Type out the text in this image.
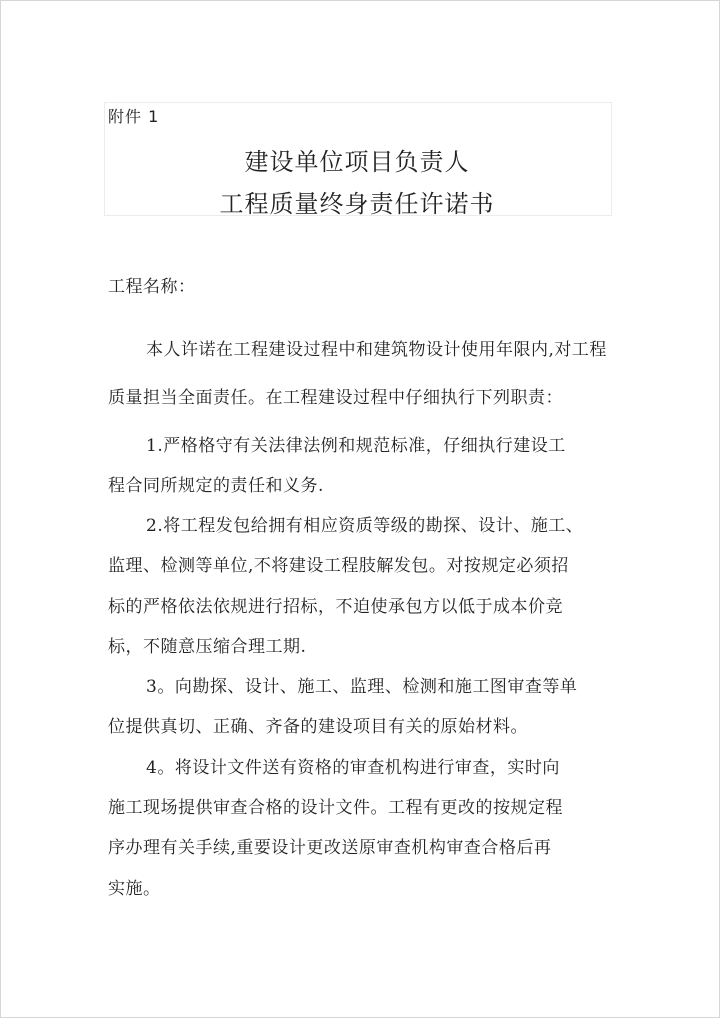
附件 1
建设单位项目负责人
工程质量终身责任许诺书
工程名称：
本人许诺在工程建设过程中和建筑物设计使用年限内,对工程
质量担当全面责任。在工程建设过程中仔细执行下列职责：
1.严格格守有关法律法例和规范标准，仔细执行建设工
程合同所规定的责任和义务.
2.将工程发包给拥有相应资质等级的勘探、设计、施工、
监理、检测等单位,不将建设工程肢解发包。对按规定必须招
标的严格依法依规进行招标，不迫使承包方以低于成本价竞
标，不随意压缩合理工期.
3。向勘探、设计、施工、监理、检测和施工图审查等单
位提供真切、正确、齐备的建设项目有关的原始材料。
4。将设计文件送有资格的审查机构进行审查，实时向
施工现场提供审查合格的设计文件。工程有更改的按规定程
序办理有关手续,重要设计更改送原审查机构审查合格后再
实施。
